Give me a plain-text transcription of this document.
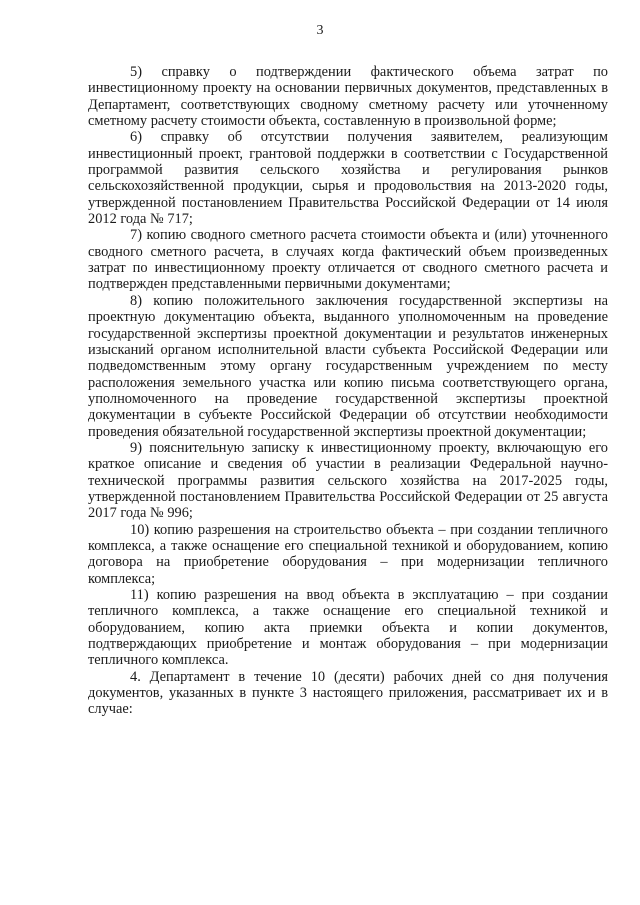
3

5) справку о подтверждении фактического объема затрат по инвестиционному проекту на основании первичных документов, представленных в Департамент, соответствующих сводному сметному расчету или уточненному сметному расчету стоимости объекта, составленную в произвольной форме;

6) справку об отсутствии получения заявителем, реализующим инвестиционный проект, грантовой поддержки в соответствии с Государственной программой развития сельского хозяйства и регулирования рынков сельскохозяйственной продукции, сырья и продовольствия на 2013-2020 годы, утвержденной постановлением Правительства Российской Федерации от 14 июля 2012 года № 717;

7) копию сводного сметного расчета стоимости объекта и (или) уточненного сводного сметного расчета, в случаях когда фактический объем произведенных затрат по инвестиционному проекту отличается от сводного сметного расчета и подтвержден представленными первичными документами;

8) копию положительного заключения государственной экспертизы на проектную документацию объекта, выданного уполномоченным на проведение государственной экспертизы проектной документации и результатов инженерных изысканий органом исполнительной власти субъекта Российской Федерации или подведомственным этому органу государственным учреждением по месту расположения земельного участка или копию письма соответствующего органа, уполномоченного на проведение государственной экспертизы проектной документации в субъекте Российской Федерации об отсутствии необходимости проведения обязательной государственной экспертизы проектной документации;

9) пояснительную записку к инвестиционному проекту, включающую его краткое описание и сведения об участии в реализации Федеральной научно-технической программы развития сельского хозяйства на 2017-2025 годы, утвержденной постановлением Правительства Российской Федерации от 25 августа 2017 года № 996;

10) копию разрешения на строительство объекта – при создании тепличного комплекса, а также оснащение его специальной техникой и оборудованием, копию договора на приобретение оборудования – при модернизации тепличного комплекса;

11) копию разрешения на ввод объекта в эксплуатацию – при создании тепличного комплекса, а также оснащение его специальной техникой и оборудованием, копию акта приемки объекта и копии документов, подтверждающих приобретение и монтаж оборудования – при модернизации тепличного комплекса.

4. Департамент в течение 10 (десяти) рабочих дней со дня получения документов, указанных в пункте 3 настоящего приложения, рассматривает их и в случае:
